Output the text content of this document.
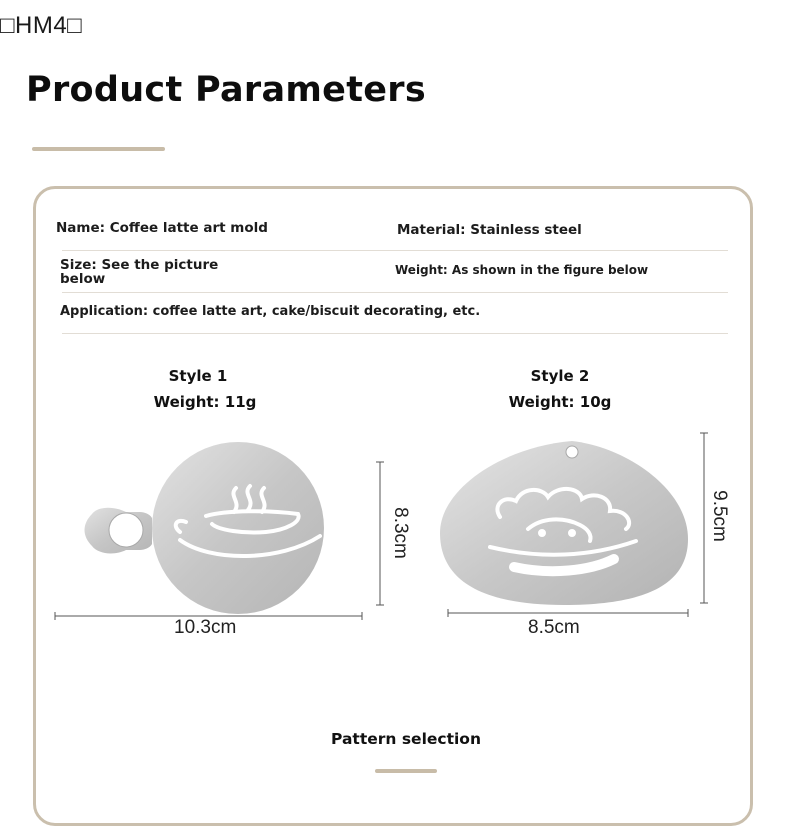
□HM4□
Product Parameters
Name: Coffee latte art mold	Material: Stainless steel
Size: See the picture
below
Weight: As shown in the figure below
Application: coffee latte art, cake/biscuit decorating, etc.
Style 1
Weight: 11g
Style 2
Weight: 10g
10.3cm
8.3cm
8.5cm
9.5cm
Pattern selection
